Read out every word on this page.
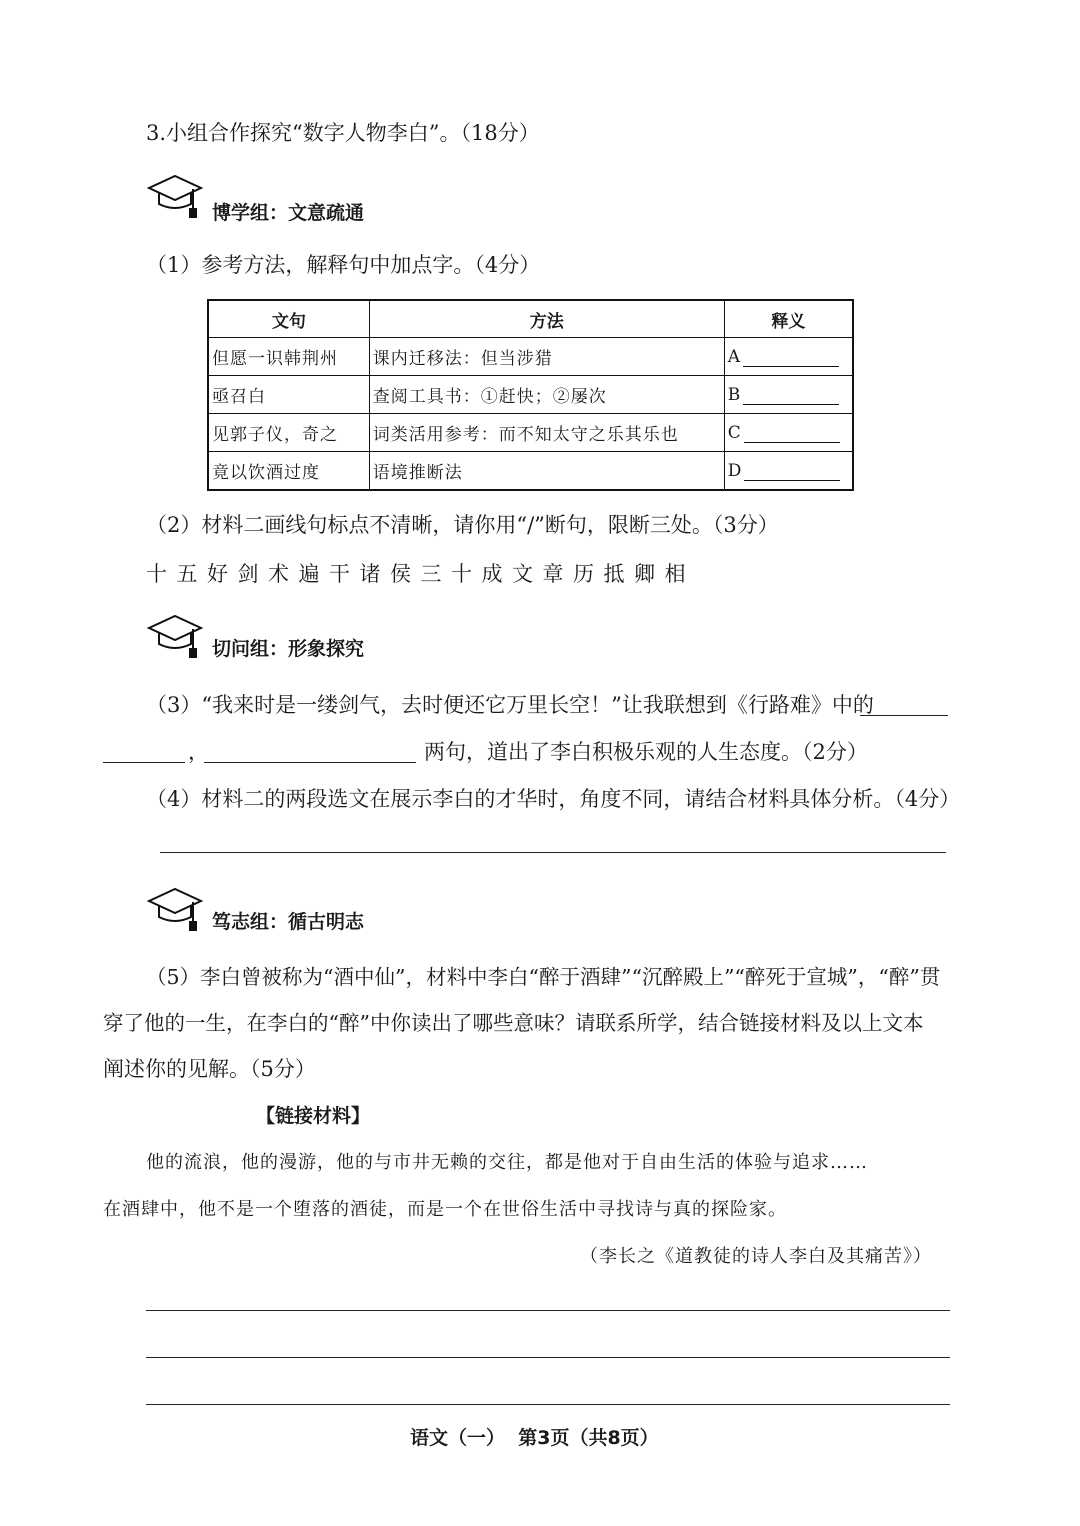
3.小组合作探究“数字人物李白”。（18分）
博学组：文意疏通
（1）参考方法，解释句中加点字。（4分）
文句	方法	释义
但愿一识韩荆州	课内迁移法：但当涉猎	A
亟召白	查阅工具书：①赶快；②屡次	B
见郭子仪，奇之	词类活用参考：而不知太守之乐其乐也	C
竟以饮酒过度	语境推断法	D
（2）材料二画线句标点不清晰，请你用“/”断句，限断三处。（3分）
十五好剑术遍干诸侯三十成文章历抵卿相
切问组：形象探究
（3）“我来时是一缕剑气，去时便还它万里长空！”让我联想到《行路难》中的
，	两句，道出了李白积极乐观的人生态度。（2分）
（4）材料二的两段选文在展示李白的才华时，角度不同，请结合材料具体分析。（4分）
笃志组：循古明志
（5）李白曾被称为“酒中仙”，材料中李白“醉于酒肆”“沉醉殿上”“醉死于宣城”，“醉”贯
穿了他的一生，在李白的“醉”中你读出了哪些意味？请联系所学，结合链接材料及以上文本
阐述你的见解。（5分）
【链接材料】
他的流浪，他的漫游，他的与市井无赖的交往，都是他对于自由生活的体验与追求……
在酒肆中，他不是一个堕落的酒徒，而是一个在世俗生活中寻找诗与真的探险家。
（李长之《道教徒的诗人李白及其痛苦》）
语文（一）  第3页（共8页）
